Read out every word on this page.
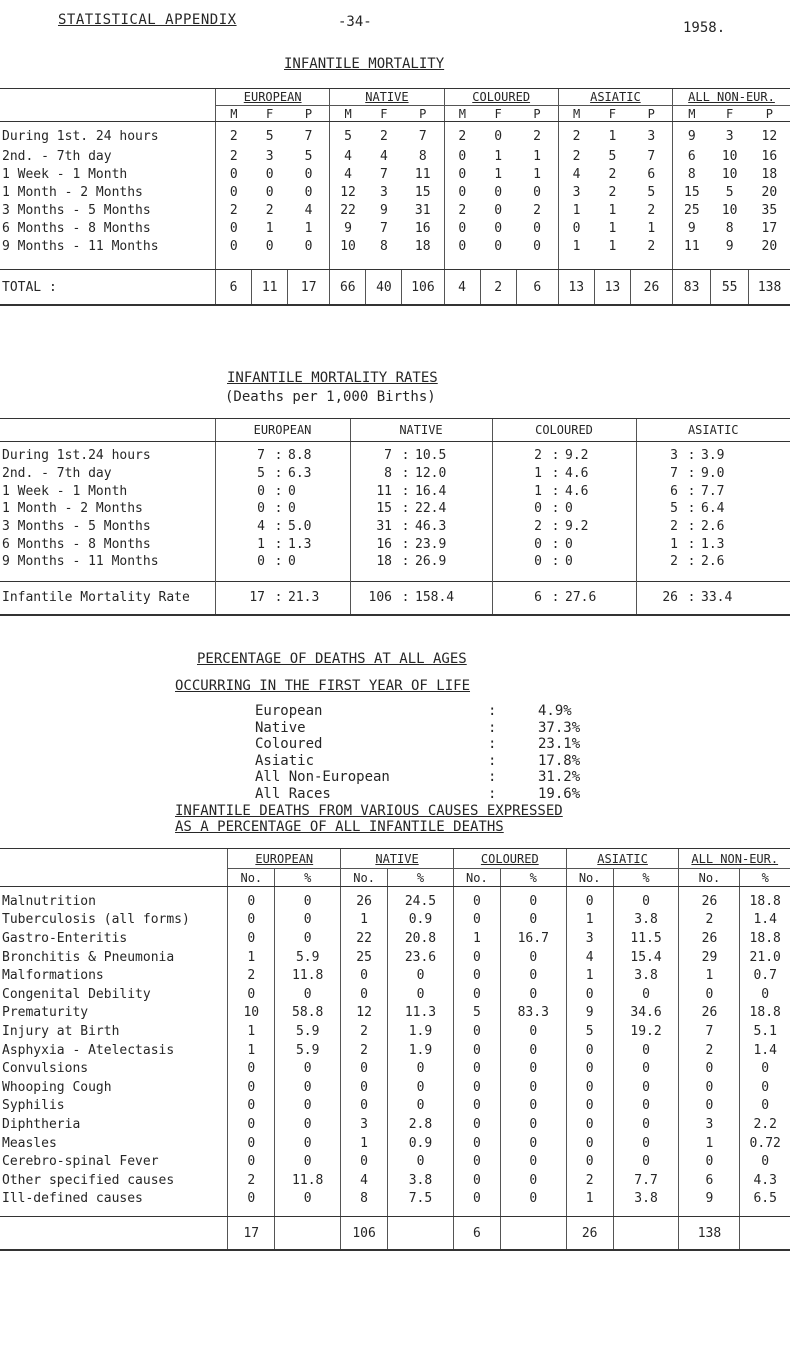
STATISTICAL APPENDIX	-34-	1958.
INFANTILE MORTALITY
	EUROPEAN			NATIVE			COLOURED			ASIATIC			ALL NON-EUR.		
	M	F	P	M	F	P	M	F	P	M	F	P	M	F	P
During 1st. 24 hours	2	5	7	5	2	7	2	0	2	2	1	3	9	3	12
2nd. - 7th day	2	3	5	4	4	8	0	1	1	2	5	7	6	10	16
1 Week - 1 Month	0	0	0	4	7	11	0	1	1	4	2	6	8	10	18
1 Month - 2 Months	0	0	0	12	3	15	0	0	0	3	2	5	15	5	20
3 Months - 5 Months	2	2	4	22	9	31	2	0	2	1	1	2	25	10	35
6 Months - 8 Months	0	1	1	9	7	16	0	0	0	0	1	1	9	8	17
9 Months - 11 Months	0	0	0	10	8	18	0	0	0	1	1	2	11	9	20

TOTAL :	6	11	17	66	40	106	4	2	6	13	13	26	83	55	138
INFANTILE MORTALITY RATES
(Deaths per 1,000 Births)
	EUROPEAN			NATIVE			COLOURED			ASIATIC		
During 1st.24 hours	7	:	8.8	7	:	10.5	2	:	9.2	3	:	3.9
2nd. - 7th day	5	:	6.3	8	:	12.0	1	:	4.6	7	:	9.0
1 Week - 1 Month	0	:	0	11	:	16.4	1	:	4.6	6	:	7.7
1 Month - 2 Months	0	:	0	15	:	22.4	0	:	0	5	:	6.4
3 Months - 5 Months	4	:	5.0	31	:	46.3	2	:	9.2	2	:	2.6
6 Months - 8 Months	1	:	1.3	16	:	23.9	0	:	0	1	:	1.3
9 Months - 11 Months	0	:	0	18	:	26.9	0	:	0	2	:	2.6

Infantile Mortality Rate	17	:	21.3	106	:	158.4	6	:	27.6	26	:	33.4
PERCENTAGE OF DEATHS AT ALL AGES
OCCURRING IN THE FIRST YEAR OF LIFE
European	:	4.9%
Native	:	37.3%
Coloured	:	23.1%
Asiatic	:	17.8%
All Non-European	:	31.2%
All Races	:	19.6%
INFANTILE DEATHS FROM VARIOUS CAUSES EXPRESSED
AS A PERCENTAGE OF ALL INFANTILE DEATHS
	EUROPEAN		NATIVE		COLOURED		ASIATIC		ALL NON-EUR.	
	No.	%	No.	%	No.	%	No.	%	No.	%
Malnutrition	0	0	26	24.5	0	0	0	0	26	18.8
Tuberculosis (all forms)	0	0	1	0.9	0	0	1	3.8	2	1.4
Gastro-Enteritis	0	0	22	20.8	1	16.7	3	11.5	26	18.8
Bronchitis & Pneumonia	1	5.9	25	23.6	0	0	4	15.4	29	21.0
Malformations	2	11.8	0	0	0	0	1	3.8	1	0.7
Congenital Debility	0	0	0	0	0	0	0	0	0	0
Prematurity	10	58.8	12	11.3	5	83.3	9	34.6	26	18.8
Injury at Birth	1	5.9	2	1.9	0	0	5	19.2	7	5.1
Asphyxia - Atelectasis	1	5.9	2	1.9	0	0	0	0	2	1.4
Convulsions	0	0	0	0	0	0	0	0	0	0
Whooping Cough	0	0	0	0	0	0	0	0	0	0
Syphilis	0	0	0	0	0	0	0	0	0	0
Diphtheria	0	0	3	2.8	0	0	0	0	3	2.2
Measles	0	0	1	0.9	0	0	0	0	1	0.72
Cerebro-spinal Fever	0	0	0	0	0	0	0	0	0	0
Other specified causes	2	11.8	4	3.8	0	0	2	7.7	6	4.3
Ill-defined causes	0	0	8	7.5	0	0	1	3.8	9	6.5

	17		106		6		26		138	
